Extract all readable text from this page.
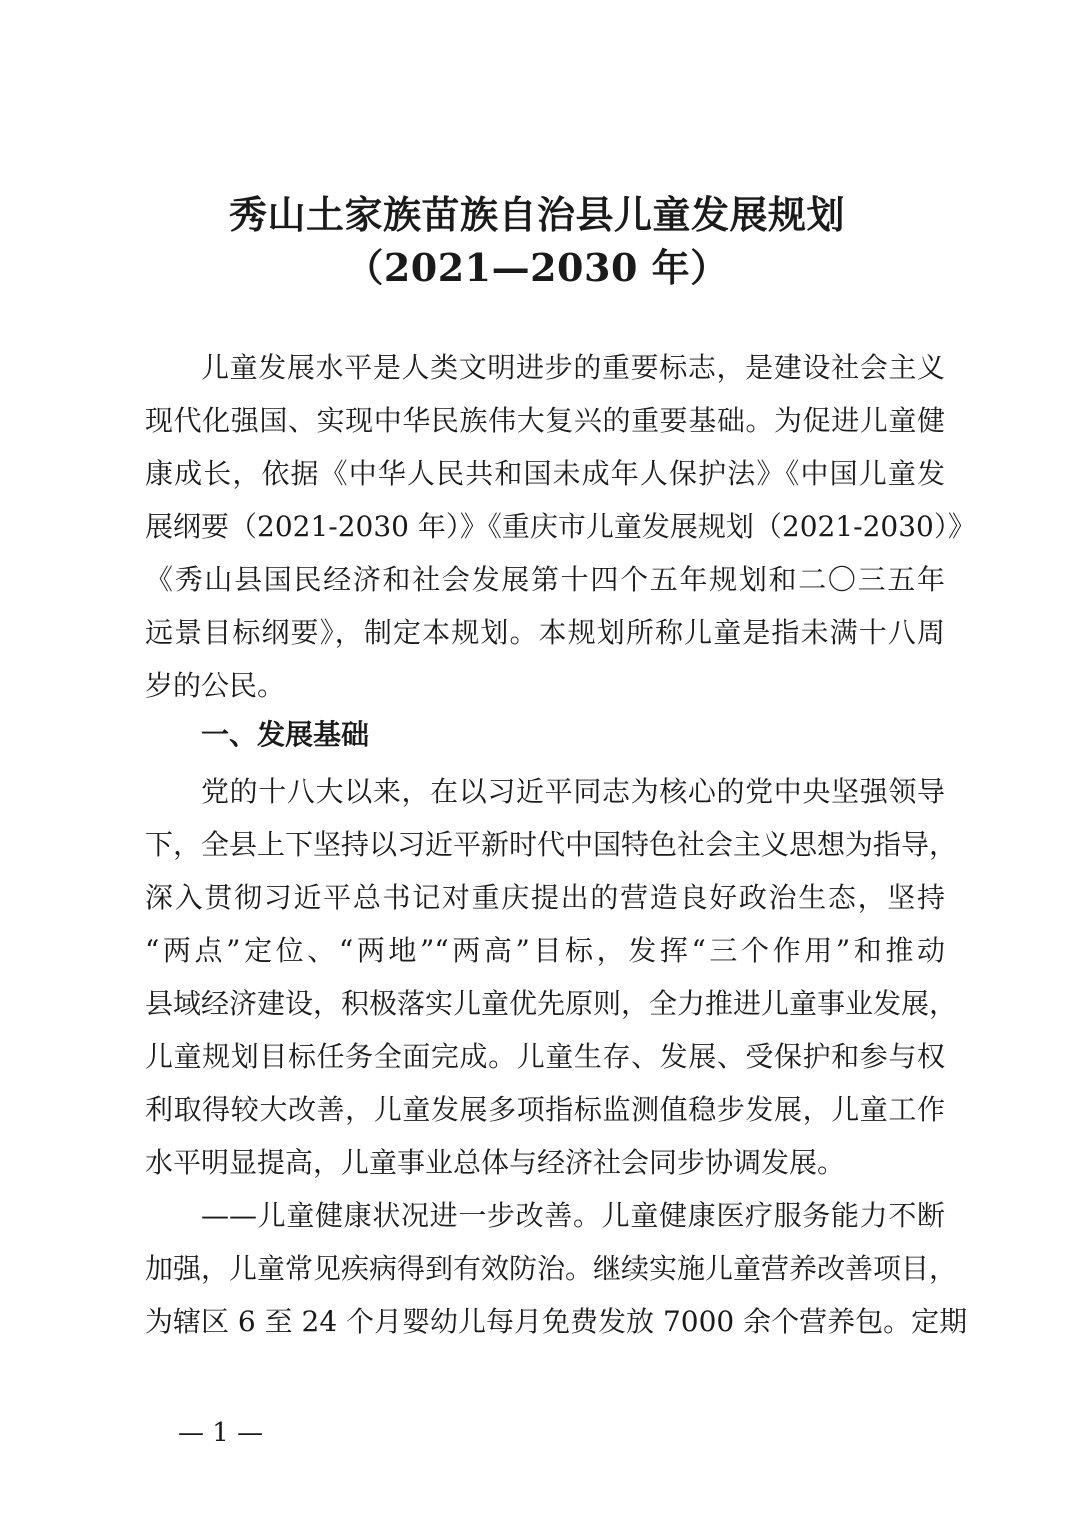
秀山土家族苗族自治县儿童发展规划
（2021—2030 年）
儿童发展水平是人类文明进步的重要标志，是建设社会主义
现代化强国、实现中华民族伟大复兴的重要基础。为促进儿童健
康成长，依据《中华人民共和国未成年人保护法》《中国儿童发
展纲要（2021-2030 年）》《重庆市儿童发展规划（2021-2030）》
《秀山县国民经济和社会发展第十四个五年规划和二〇三五年
远景目标纲要》，制定本规划。本规划所称儿童是指未满十八周
岁的公民。
一、发展基础
党的十八大以来，在以习近平同志为核心的党中央坚强领导
下，全县上下坚持以习近平新时代中国特色社会主义思想为指导，
深入贯彻习近平总书记对重庆提出的营造良好政治生态，坚持
“两点”定位、“两地”“两高”目标，发挥“三个作用”和推动
县域经济建设，积极落实儿童优先原则，全力推进儿童事业发展，
儿童规划目标任务全面完成。儿童生存、发展、受保护和参与权
利取得较大改善，儿童发展多项指标监测值稳步发展，儿童工作
水平明显提高，儿童事业总体与经济社会同步协调发展。
——儿童健康状况进一步改善。儿童健康医疗服务能力不断
加强，儿童常见疾病得到有效防治。继续实施儿童营养改善项目，
为辖区 6 至 24 个月婴幼儿每月免费发放 7000 余个营养包。定期
— 1 —
